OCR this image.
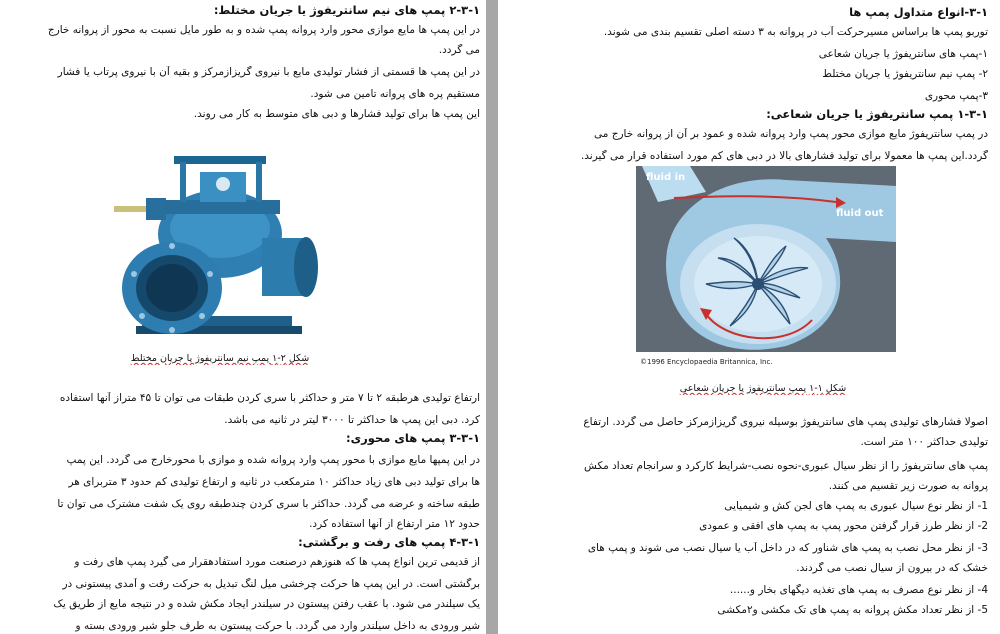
۲-۳-۱ پمپ های نیم سانتریفوژ یا جریان مختلط:
در این پمپ ها مایع موازی محور وارد پروانه پمپ شده و به طور مایل نسبت به محور از پروانه خارج
می گردد.
در این پمپ ها قسمتی از فشار تولیدی مایع با نیروی گریزازمرکز و بقیه آن با نیروی پرتاب یا فشار
مستقیم پره های پروانه تامین می شود.
این پمپ ها برای تولید فشارها و دبی های متوسط به کار می روند.
شکل ۲-۱ پمپ نیم سانتریفوژ یا جریان مختلط
ارتفاع تولیدی هرطبقه ۲ تا ۷ متر و حداکثر با سری کردن طبقات می توان تا ۴۵ متراز آنها استفاده
کرد. دبی این پمپ ها حداکثر تا ۳۰۰۰ لیتر در ثانیه می باشد.
۳-۳-۱ پمپ های محوری:
در این پمپها مایع موازی با محور پمپ وارد پروانه شده و موازی با محورخارج می گردد. این پمپ
ها برای تولید دبی های زیاد حداکثر ۱۰ مترمکعب در ثانیه و ارتفاع تولیدی کم حدود ۳ متربرای هر
طبقه ساخته و عرضه می گردد. حداکثر با سری کردن چندطبقه روی یک شفت مشترک می توان تا
حدود ۱۲ متر ارتفاع از آنها استفاده کرد.
۴-۳-۱ پمپ های رفت و برگشتی:
از قدیمی ترین انواع پمپ ها که هنوزهم درصنعت مورد استفادهقرار می گیرد پمپ های رفت و
برگشتی است. در این پمپ ها حرکت چرخشی میل لنگ تبدیل به حرکت رفت و آمدی پیستونی در
یک سیلندر می شود. با عقب رفتن پیستون در سیلندر ایجاد مکش شده و در نتیجه مایع از طریق یک
شیر ورودی به داخل سیلندر وارد می گردد. با حرکت پیستون به طرف جلو شیر ورودی بسته و
۳-۱-انواع متداول پمپ ها
توربو پمپ ها براساس مسیرحرکت آب در پروانه به ۳ دسته اصلی تقسیم بندی می شوند.
۱-پمپ های سانتریفوژ یا جریان شعاعی
۲- پمپ نیم سانتریفوژ یا جریان مختلط
۳-پمپ محوری
۱-۳-۱ پمپ سانتریفوژ یا جریان شعاعی:
در پمپ سانتریفوژ مایع موازی محور پمپ وارد پروانه شده و عمود بر آن از پروانه خارج می
گردد.این پمپ ها معمولا برای تولید فشارهای بالا در دبی های کم مورد استفاده قرار می گیرند.
fluid in
fluid out
©1996 Encyclopaedia Britannica, Inc.
شکل ۱-۱ پمپ سانتریفوژ یا جریان شعاعی
اصولا فشارهای تولیدی پمپ های سانتریفوژ بوسیله نیروی گریزازمرکز حاصل می گردد. ارتفاع
تولیدی حداکثر ۱۰۰ متر است.
پمپ های سانتریفوژ را از نظر سیال عبوری-نحوه نصب-شرایط کارکرد و سرانجام تعداد مکش
پروانه به صورت زیر تقسیم می کنند.
1- از نظر نوع سیال عبوری به پمپ های لجن کش و شیمیایی
2- از نظر طرز قرار گرفتن محور پمپ به پمپ های افقی و عمودی
3- از نظر محل نصب به پمپ های شناور که در داخل آب یا سیال نصب می شوند و پمپ های
خشک که در بیرون از سیال نصب می گردند.
4- از نظر نوع مصرف به پمپ های تغذیه دیگهای بخار و......
5- از نظر تعداد مکش پروانه به پمپ های تک مکشی و۲مکشی
